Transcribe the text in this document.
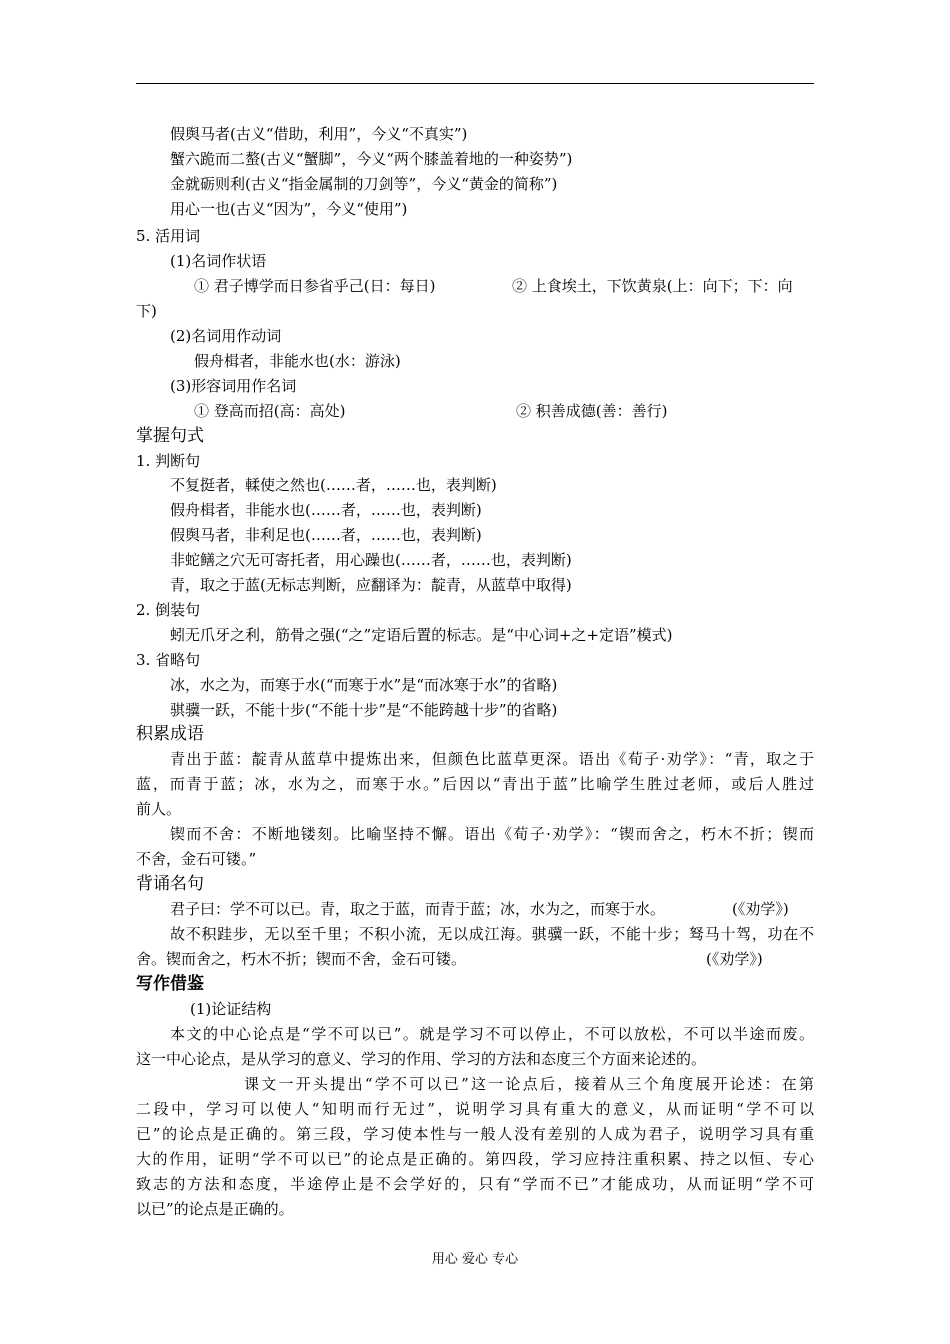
假舆马者(古义“借助，利用”，今义“不真实”)
蟹六跪而二螯(古义“蟹脚”，今义“两个膝盖着地的一种姿势”)
金就砺则利(古义“指金属制的刀剑等”，今义“黄金的简称”)
用心一也(古义“因为”，今义“使用”)
5. 活用词
(1)名词作状语
① 君子博学而日参省乎己(日：每日)	② 上食埃土，下饮黄泉(上：向下；下：向
下)
(2)名词用作动词
假舟楫者，非能水也(水：游泳)
(3)形容词用作名词
① 登高而招(高：高处)	② 积善成德(善：善行)
掌握句式
1. 判断句
不复挺者，輮使之然也(……者，……也，表判断)
假舟楫者，非能水也(……者，……也，表判断)
假舆马者，非利足也(……者，……也，表判断)
非蛇鳝之穴无可寄托者，用心躁也(……者，……也，表判断)
青，取之于蓝(无标志判断，应翻译为：靛青，从蓝草中取得)
2. 倒装句
蚓无爪牙之利，筋骨之强(“之”定语后置的标志。是“中心词+之+定语”模式)
3. 省略句
冰，水之为，而寒于水(“而寒于水”是“而冰寒于水”的省略)
骐骥一跃，不能十步(“不能十步”是“不能跨越十步”的省略)
积累成语
青出于蓝：靛青从蓝草中提炼出来，但颜色比蓝草更深。语出《荀子·劝学》：“青，取之于
蓝，而青于蓝；冰，水为之，而寒于水。”后因以“青出于蓝”比喻学生胜过老师，或后人胜过
前人。
锲而不舍：不断地镂刻。比喻坚持不懈。语出《荀子·劝学》：“锲而舍之，朽木不折；锲而
不舍，金石可镂。”
背诵名句
君子曰：学不可以已。青，取之于蓝，而青于蓝；冰，水为之，而寒于水。	(《劝学》)
故不积跬步，无以至千里；不积小流，无以成江海。骐骥一跃，不能十步；驽马十驾，功在不
舍。锲而舍之，朽木不折；锲而不舍，金石可镂。	(《劝学》)
写作借鉴
(1)论证结构
本文的中心论点是“学不可以已”。就是学习不可以停止，不可以放松，不可以半途而废。
这一中心论点，是从学习的意义、学习的作用、学习的方法和态度三个方面来论述的。
课文一开头提出“学不可以已”这一论点后，接着从三个角度展开论述：在第
二段中，学习可以使人“知明而行无过”，说明学习具有重大的意义，从而证明“学不可以
已”的论点是正确的。第三段，学习使本性与一般人没有差别的人成为君子，说明学习具有重
大的作用，证明“学不可以已”的论点是正确的。第四段，学习应持注重积累、持之以恒、专心
致志的方法和态度，半途停止是不会学好的，只有“学而不已”才能成功，从而证明“学不可
以已”的论点是正确的。
用心 爱心 专心
